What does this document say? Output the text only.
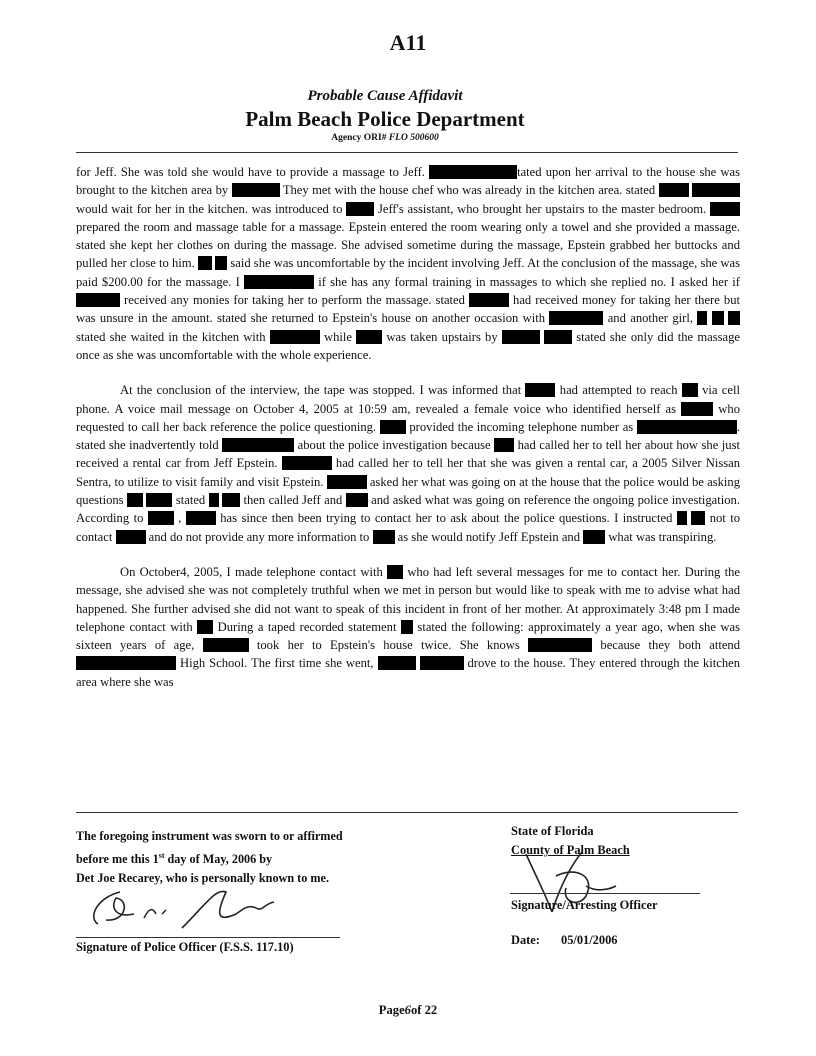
A11
Probable Cause Affidavit
Palm Beach Police Department
Agency ORI# FLO 500600

for Jeff. She was told she would have to provide a massage to Jeff.	tated upon her arrival to the house she was brought to the kitchen area by	They met with the house chef who was already in the kitchen area. stated   would wait for her in the kitchen. was introduced to  Jeff's assistant, who brought her upstairs to the master bedroom.  prepared the room and massage table for a massage. Epstein entered the room wearing only a towel and she provided a massage. stated she kept her clothes on during the massage. She advised sometime during the massage, Epstein grabbed her buttocks and pulled her close to him.   said she was uncomfortable by the incident involving Jeff. At the conclusion of the massage, she was paid $200.00 for the massage. I	if she has any formal training in massages to which she replied no. I asked her if  received any monies for taking her to perform the massage. stated	had received money for taking her there but was unsure in the amount. stated she returned to Epstein's house on another occasion with	and another girl,    stated she waited in the kitchen with	while  was taken upstairs by	stated she only did the massage once as she was uncomfortable with the whole experience.

At the conclusion of the interview, the tape was stopped. I was informed that  had attempted to reach  via cell phone. A voice mail message on October 4, 2005 at 10:59 am, revealed a female voice who identified herself as	who requested to call her back reference the police questioning.  provided the incoming telephone number as	. stated she inadvertently told	about the police investigation because  had called her to tell her about how she just received a rental car from Jeff Epstein.	had called her to tell her that she was given a rental car, a 2005 Silver Nissan Sentra, to utilize to visit family and visit Epstein.	asked her what was going on at the house that the police would be asking questions	stated   then called Jeff and  and asked what was going on reference the ongoing police investigation. According to  ,  has since then been trying to contact her to ask about the police questions. I instructed   not to contact  and do not provide any more information to  as she would notify Jeff Epstein and  what was transpiring.

On October4, 2005, I made telephone contact with  who had left several messages for me to contact her. During the message, she advised she was not completely truthful when we met in person but would like to speak with me to advise what had happened. She further advised she did not want to speak of this incident in front of her mother. At approximately 3:48 pm I made telephone contact with  During a taped recorded statement  stated the following: approximately a year ago, when she was sixteen years of age,	took her to Epstein's house twice. She knows	because they both attend  High School. The first time she went,	drove to the house. They entered through the kitchen area where she was

The foregoing instrument was sworn to or affirmed
before me this 1st day of May, 2006 by
Det Joe Recarey, who is personally known to me.
State of Florida
County of Palm Beach
Signature of Police Officer (F.S.S. 117.10)
Signature/Arresting Officer
Date: 05/01/2006
Page6of 22
